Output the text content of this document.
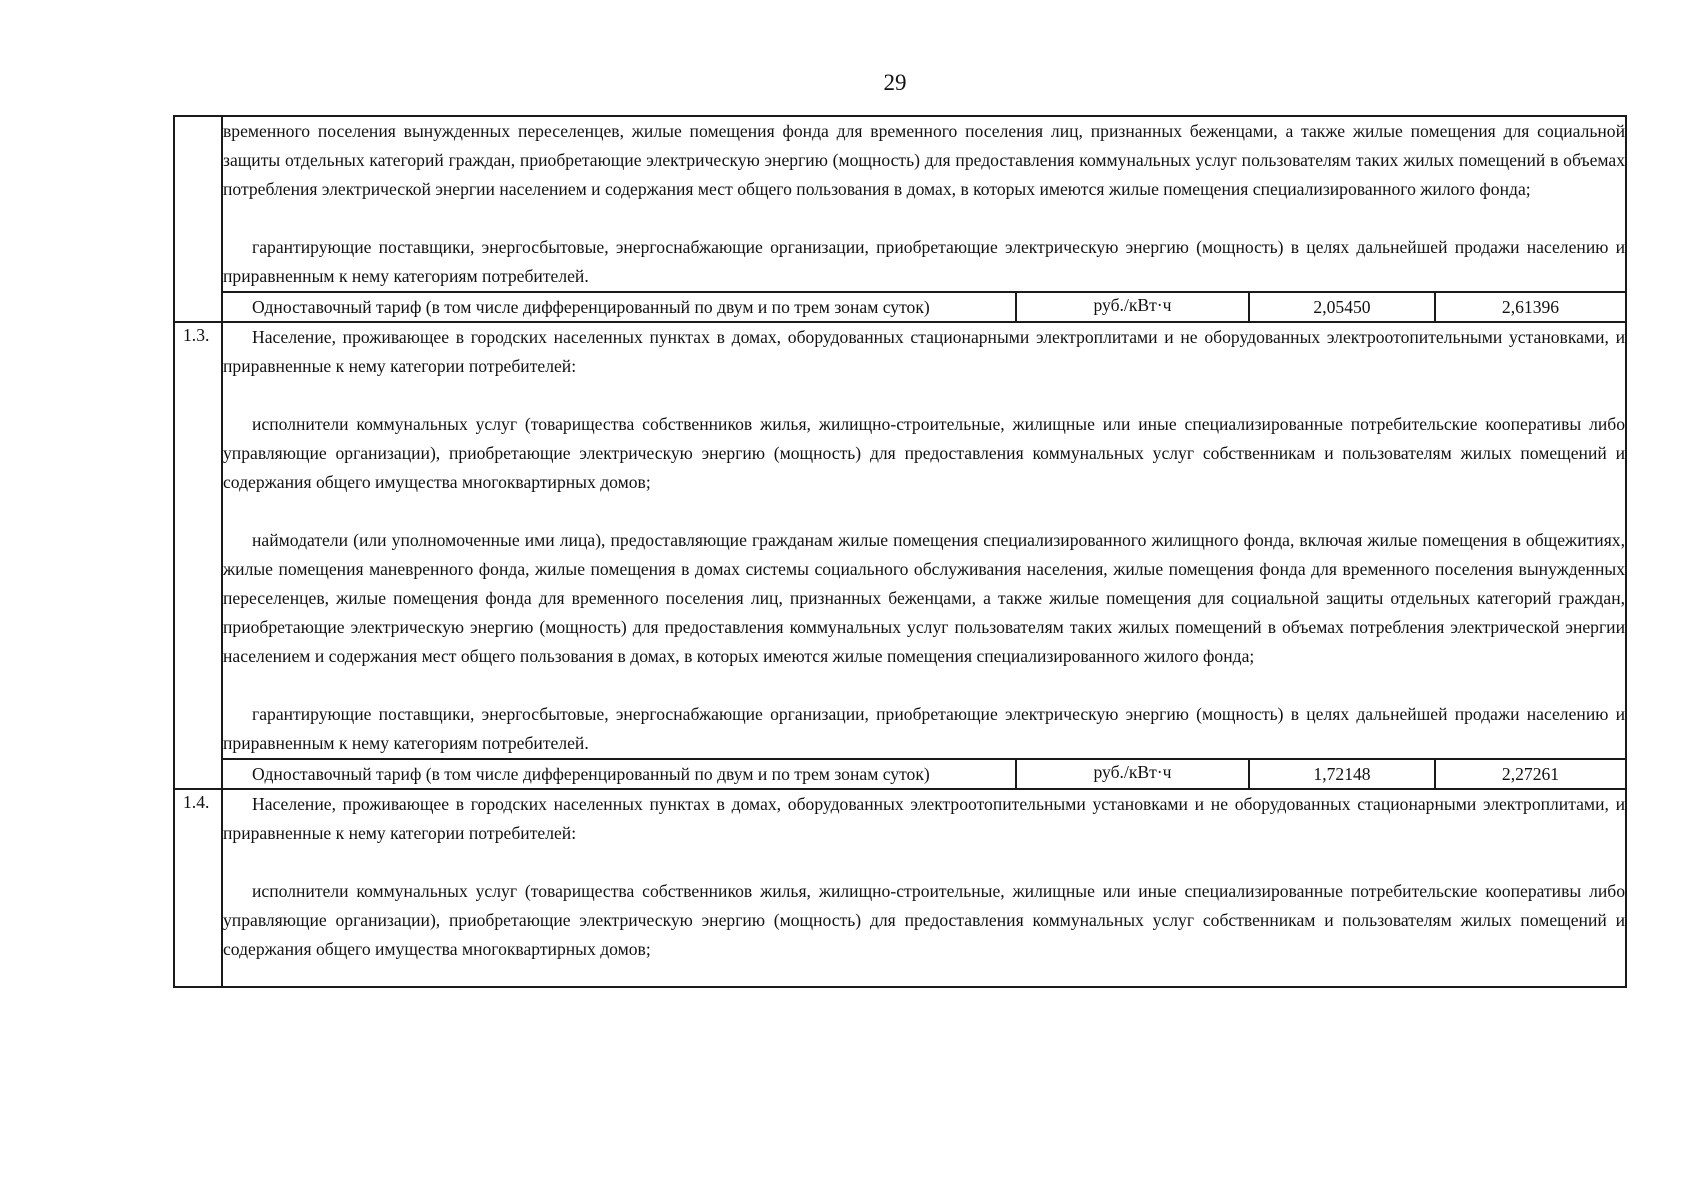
29

	временного поселения вынужденных переселенцев, жилые помещения фонда для временного поселения лиц, признанных беженцами, а также жилые помещения для социальной защиты отдельных категорий граждан, приобретающие электрическую энергию (мощность) для предоставления коммунальных услуг пользователям таких жилых помещений в объемах потребления электрической энергии населением и содержания мест общего пользования в домах, в которых имеются жилые помещения специализированного жилого фонда;

гарантирующие поставщики, энергосбытовые, энергоснабжающие организации, приобретающие электрическую энергию (мощность) в целях дальнейшей продажи населению и приравненным к нему категориям потребителей.			

	Одноставочный тариф (в том числе дифференцированный по двум и по трем зонам суток)	руб./кВт·ч	2,05450	2,61396
1.3.	Население, проживающее в городских населенных пунктах в домах, оборудованных стационарными электроплитами и не оборудованных электроотопительными установками, и приравненные к нему категории потребителей:

исполнители коммунальных услуг (товарищества собственников жилья, жилищно-строительные, жилищные или иные специализированные потребительские кооперативы либо управляющие организации), приобретающие электрическую энергию (мощность) для предоставления коммунальных услуг собственникам и пользователям жилых помещений и содержания общего имущества многоквартирных домов;

наймодатели (или уполномоченные ими лица), предоставляющие гражданам жилые помещения специализированного жилищного фонда, включая жилые помещения в общежитиях, жилые помещения маневренного фонда, жилые помещения в домах системы социального обслуживания населения, жилые помещения фонда для временного поселения вынужденных переселенцев, жилые помещения фонда для временного поселения лиц, признанных беженцами, а также жилые помещения для социальной защиты отдельных категорий граждан, приобретающие электрическую энергию (мощность) для предоставления коммунальных услуг пользователям таких жилых помещений в объемах потребления электрической энергии населением и содержания мест общего пользования в домах, в которых имеются жилые помещения специализированного жилого фонда;

гарантирующие поставщики, энергосбытовые, энергоснабжающие организации, приобретающие электрическую энергию (мощность) в целях дальнейшей продажи населению и приравненным к нему категориям потребителей.			

	Одноставочный тариф (в том числе дифференцированный по двум и по трем зонам суток)	руб./кВт·ч	1,72148	2,27261
1.4.	Население, проживающее в городских населенных пунктах в домах, оборудованных электроотопительными установками и не оборудованных стационарными электроплитами, и приравненные к нему категории потребителей:

исполнители коммунальных услуг (товарищества собственников жилья, жилищно-строительные, жилищные или иные специализированные потребительские кооперативы либо управляющие организации), приобретающие электрическую энергию (мощность) для предоставления коммунальных услуг собственникам и пользователям жилых помещений и содержания общего имущества многоквартирных домов;			
